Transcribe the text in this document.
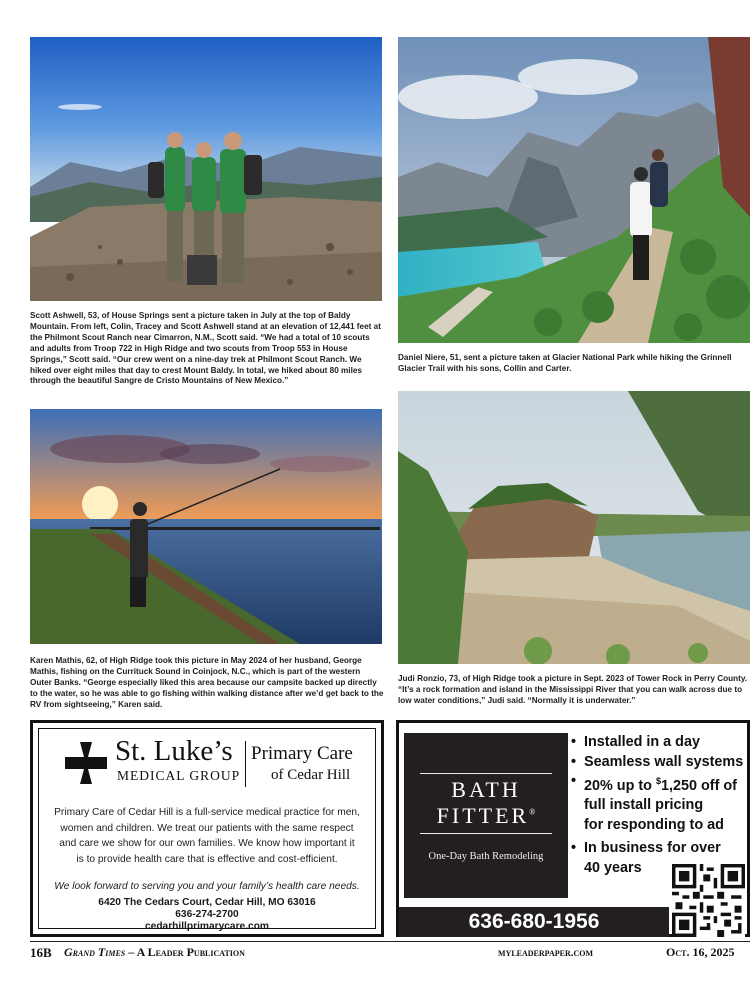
Scott Ashwell, 53, of House Springs sent a picture taken in July at the top of Baldy Mountain. From left, Colin, Tracey and Scott Ashwell stand at an elevation of 12,441 feet at the Philmont Scout Ranch near Cimarron, N.M., Scott said. “We had a total of 10 scouts and adults from Troop 722 in High Ridge and two scouts from Troop 553 in House Springs,” Scott said. “Our crew went on a nine-day trek at Philmont Scout Ranch. We hiked over eight miles that day to crest Mount Baldy. In total, we hiked about 80 miles through the beautiful Sangre de Cristo Mountains of New Mexico.”
Daniel Niere, 51, sent a picture taken at Glacier National Park while hiking the Grinnell Glacier Trail with his sons, Collin and Carter.
Karen Mathis, 62, of High Ridge took this picture in May 2024 of her husband, George Mathis, fishing on the Currituck Sound in Coinjock, N.C., which is part of the western Outer Banks. “George especially liked this area because our campsite backed up directly to the water, so he was able to go fishing within walking distance after we’d get back to the RV from sightseeing,” Karen said.
Judi Ronzio, 73, of High Ridge took a picture in Sept. 2023 of Tower Rock in Perry County. “It’s a rock formation and island in the Mississippi River that you can walk across due to low water conditions,” Judi said. “Normally it is underwater.”
St. Luke’s
MEDICAL GROUP
Primary Care
of Cedar Hill
Primary Care of Cedar Hill is a full-service medical practice for men,
women and children. We treat our patients with the same respect
and care we show for our own families. We know how important it
is to provide health care that is effective and cost-efficient.
We look forward to serving you and your family’s health care needs.
6420 The Cedars Court, Cedar Hill, MO 63016
636-274-2700
cedarhillprimarycare.com
BATH
FITTER®
One-Day Bath Remodeling
• Installed in a day
• Seamless wall systems
• 20% up to $1,250 off of
full install pricing
for responding to ad
• In business for over
40 years
636-680-1956
16B Grand Times – A Leader Publication	myleaderpaper.com	Oct. 16, 2025
